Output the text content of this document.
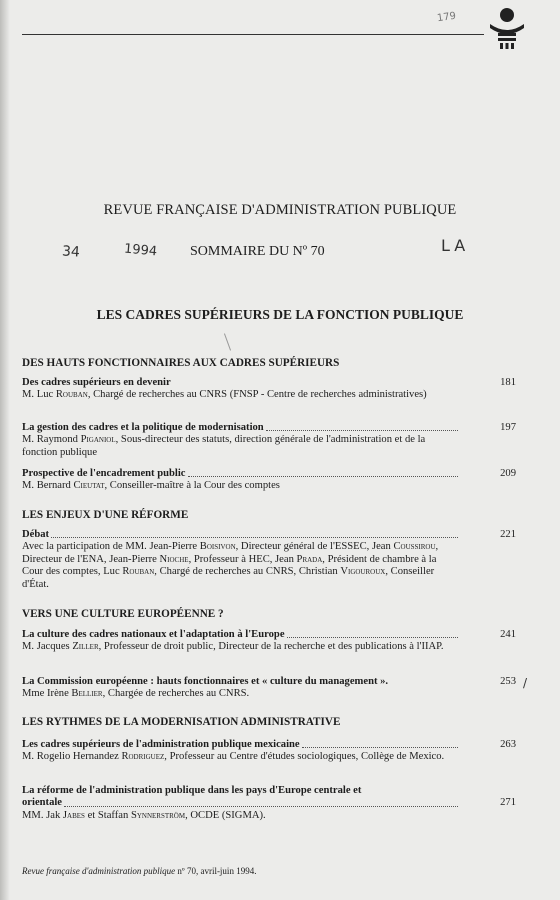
179
REVUE FRANÇAISE D'ADMINISTRATION PUBLIQUE
34	1994 SOMMAIRE DU Nº 70	LA
LES CADRES SUPÉRIEURS DE LA FONCTION PUBLIQUE
DES HAUTS FONCTIONNAIRES AUX CADRES SUPÉRIEURS
Des cadres supérieurs en devenir
M. Luc Rouban, Chargé de recherches au CNRS (FNSP - Centre de recherches administratives)
181
La gestion des cadres et la politique de modernisation
M. Raymond Piganiol, Sous-directeur des statuts, direction générale de l'administration et de la fonction publique
197
Prospective de l'encadrement public
M. Bernard Cieutat, Conseiller-maître à la Cour des comptes
209
LES ENJEUX D'UNE RÉFORME
Débat
Avec la participation de MM. Jean-Pierre Boisivon, Directeur général de l'ESSEC, Jean Coussirou, Directeur de l'ENA, Jean-Pierre Nioche, Professeur à HEC, Jean Prada, Président de chambre à la Cour des comptes, Luc Rouban, Chargé de recherches au CNRS, Christian Vigouroux, Conseiller d'État.
221
VERS UNE CULTURE EUROPÉENNE ?
La culture des cadres nationaux et l'adaptation à l'Europe
M. Jacques Ziller, Professeur de droit public, Directeur de la recherche et des publications à l'IIAP.
241
La Commission européenne : hauts fonctionnaires et « culture du management ».
Mme Irène Bellier, Chargée de recherches au CNRS.
253 /
LES RYTHMES DE LA MODERNISATION ADMINISTRATIVE
Les cadres supérieurs de l'administration publique mexicaine
M. Rogelio Hernandez Rodriguez, Professeur au Centre d'études sociologiques, Collège de Mexico.
263
La réforme de l'administration publique dans les pays d'Europe centrale et
orientale
MM. Jak Jabes et Staffan Synnerström, OCDE (SIGMA).
271
Revue française d'administration publique nº 70, avril-juin 1994.
